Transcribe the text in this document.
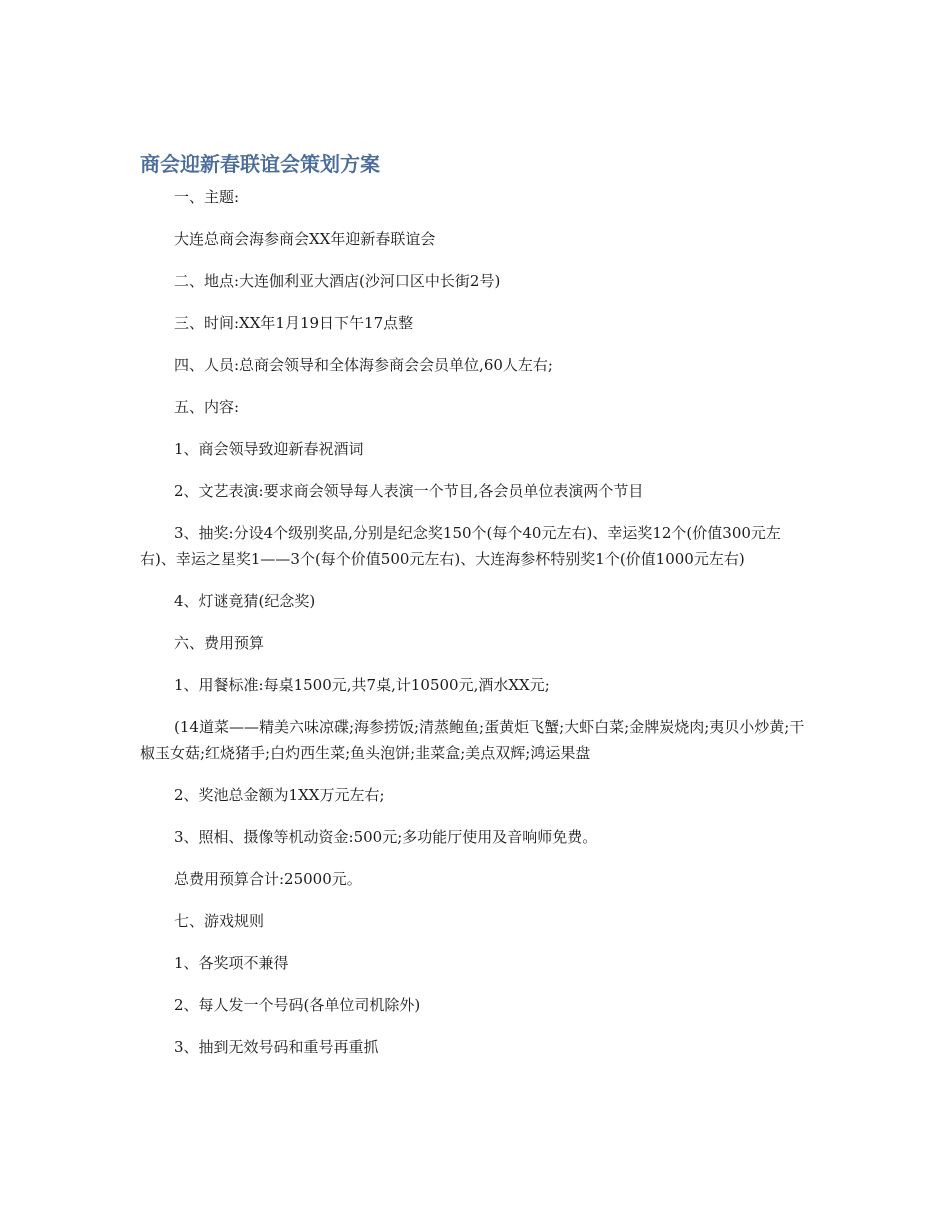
商会迎新春联谊会策划方案

一、主题:

大连总商会海参商会XX年迎新春联谊会

二、地点:大连伽利亚大酒店(沙河口区中长街2号)

三、时间:XX年1月19日下午17点整

四、人员:总商会领导和全体海参商会会员单位,60人左右;

五、内容:

1、商会领导致迎新春祝酒词

2、文艺表演:要求商会领导每人表演一个节目,各会员单位表演两个节目

3、抽奖:分设4个级别奖品,分别是纪念奖150个(每个40元左右)、幸运奖12个(价值300元左右)、幸运之星奖1——3个(每个价值500元左右)、大连海参杯特别奖1个(价值1000元左右)

4、灯谜竟猜(纪念奖)

六、费用预算

1、用餐标准:每桌1500元,共7桌,计10500元,酒水XX元;

(14道菜——精美六味凉碟;海参捞饭;清蒸鲍鱼;蛋黄炬飞蟹;大虾白菜;金牌炭烧肉;夷贝小炒黄;干椒玉女菇;红烧猪手;白灼西生菜;鱼头泡饼;韭菜盒;美点双辉;鸿运果盘

2、奖池总金额为1XX万元左右;

3、照相、摄像等机动资金:500元;多功能厅使用及音响师免费。

总费用预算合计:25000元。

七、游戏规则

1、各奖项不兼得

2、每人发一个号码(各单位司机除外)

3、抽到无效号码和重号再重抓
